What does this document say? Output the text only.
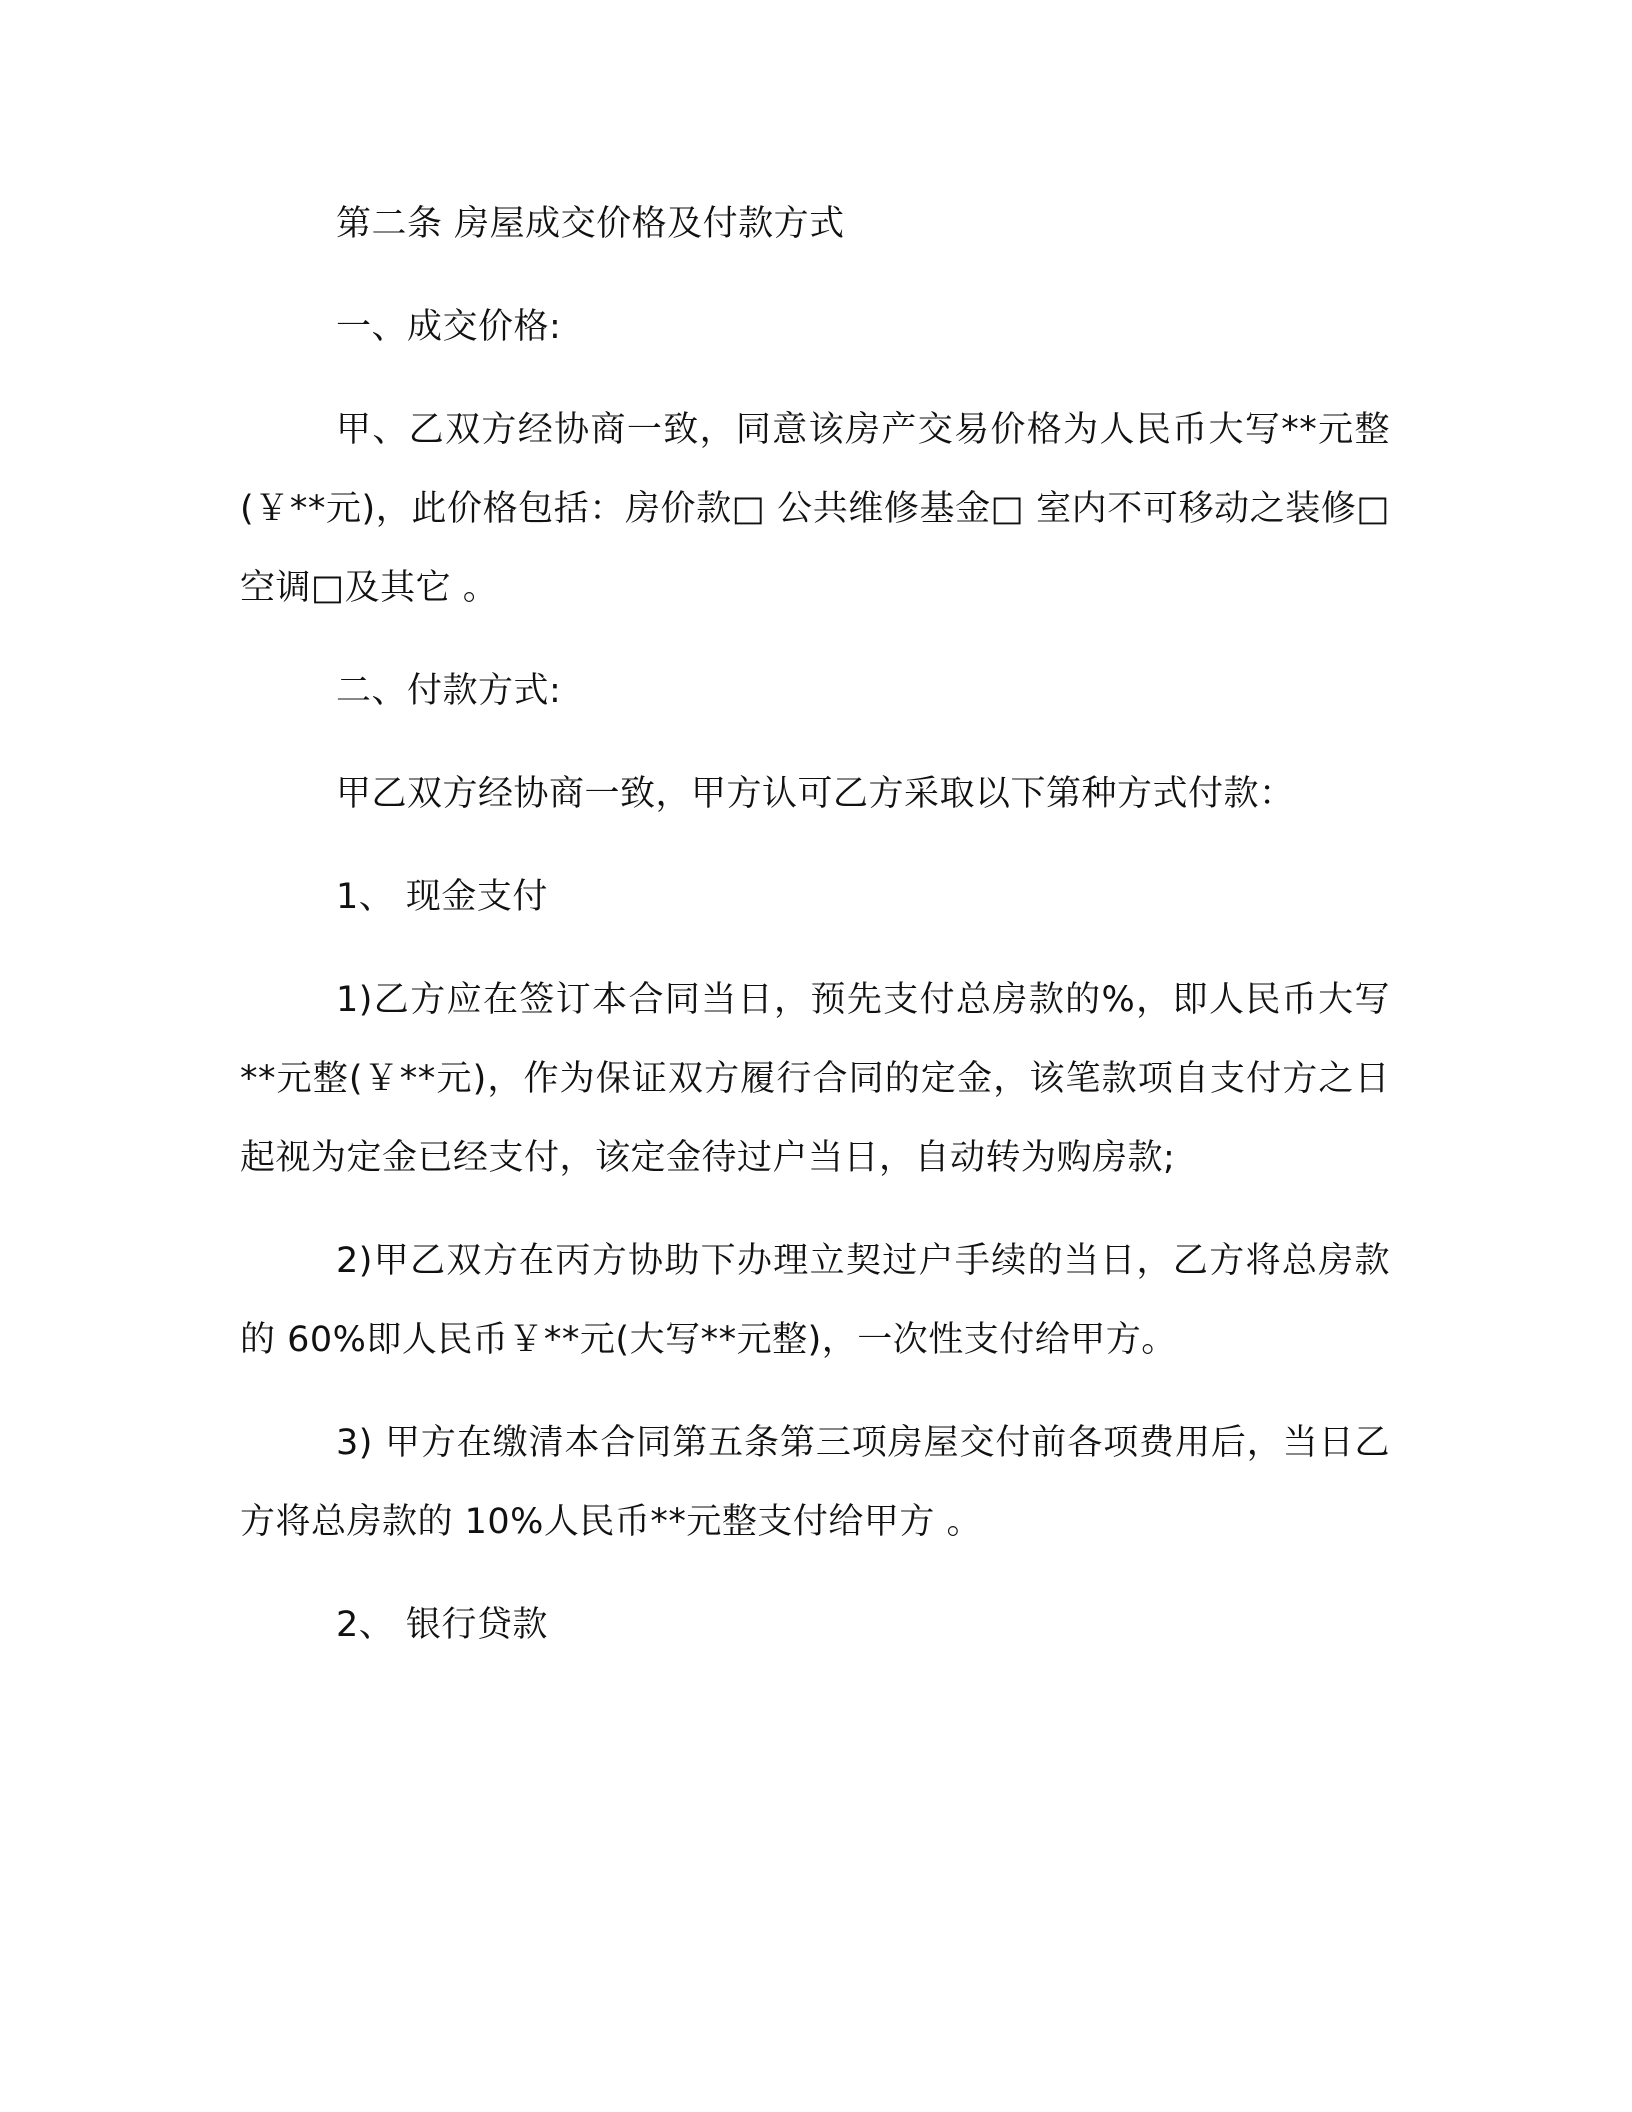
第二条 房屋成交价格及付款方式

一、成交价格:

甲、乙双方经协商一致，同意该房产交易价格为人民币大写**元整(￥**元)，此价格包括：房价款□ 公共维修基金□ 室内不可移动之装修□ 空调□及其它 。

二、付款方式:

甲乙双方经协商一致，甲方认可乙方采取以下第种方式付款：

1、 现金支付

1)乙方应在签订本合同当日，预先支付总房款的%，即人民币大写**元整(￥**元)，作为保证双方履行合同的定金，该笔款项自支付方之日起视为定金已经支付，该定金待过户当日，自动转为购房款;

2)甲乙双方在丙方协助下办理立契过户手续的当日，乙方将总房款的 60%即人民币￥**元(大写**元整)，一次性支付给甲方。

3) 甲方在缴清本合同第五条第三项房屋交付前各项费用后，当日乙方将总房款的 10%人民币**元整支付给甲方 。

2、 银行贷款
